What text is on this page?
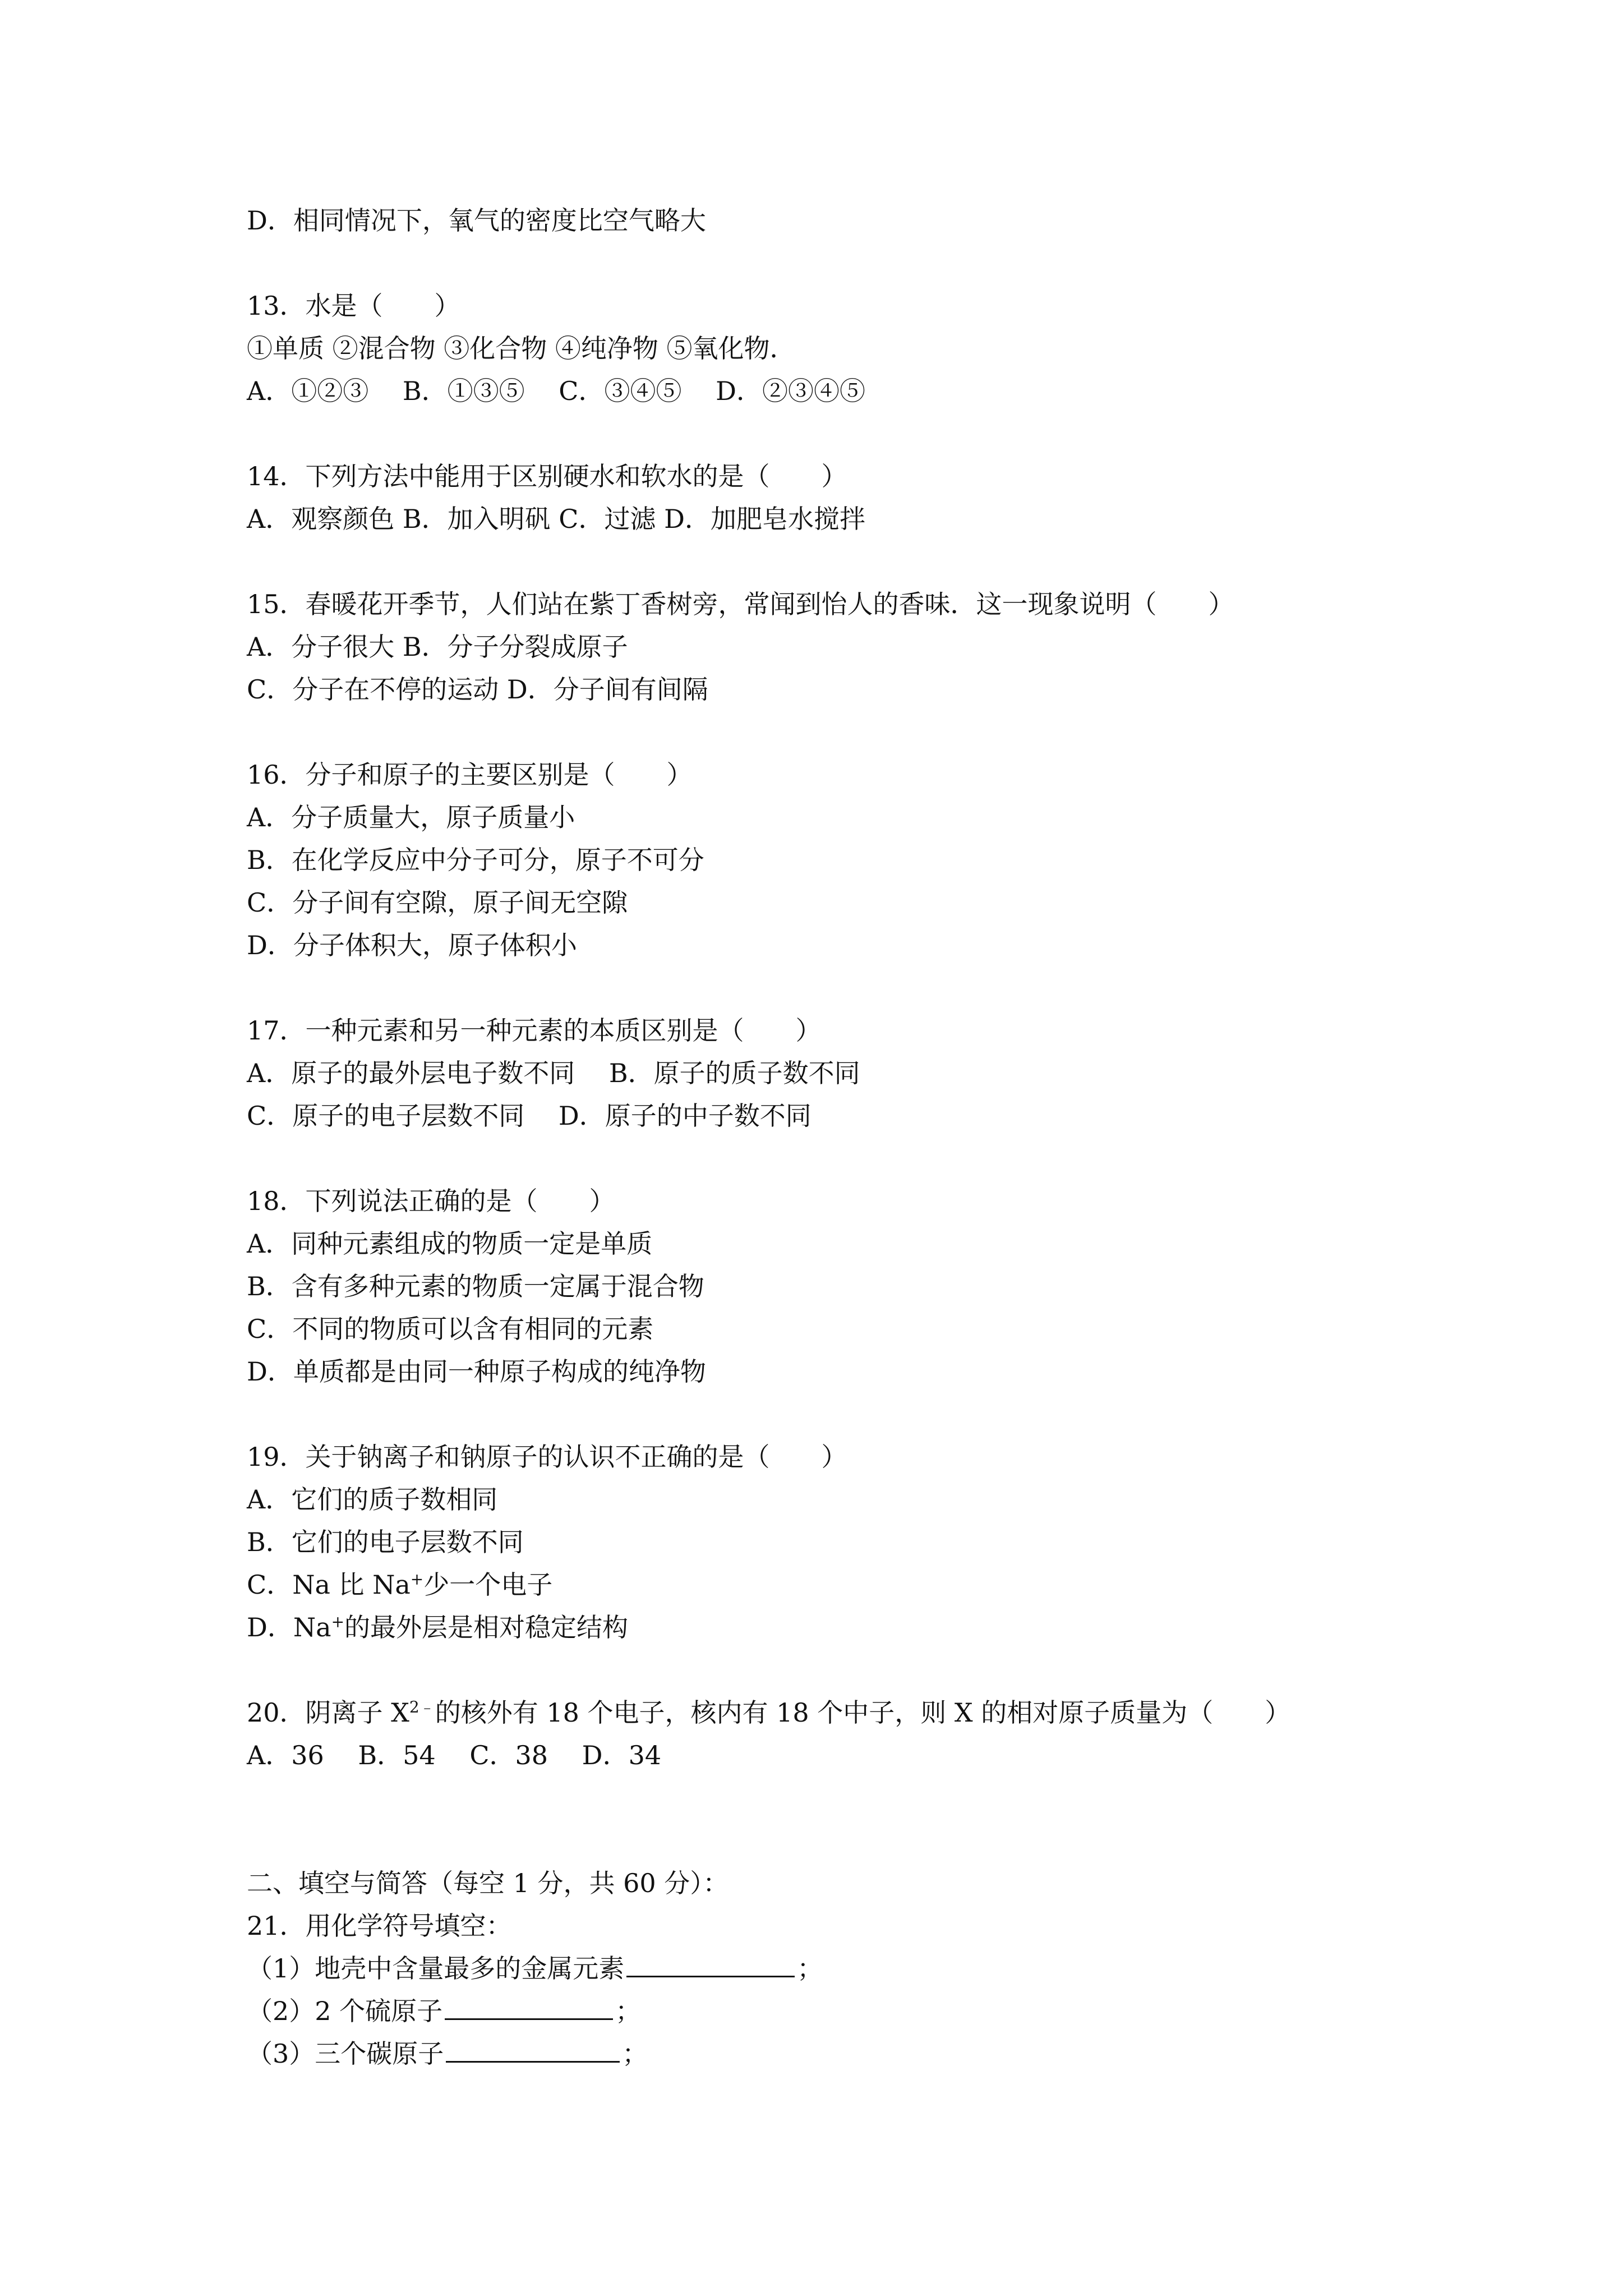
D．相同情况下，氧气的密度比空气略大
13．水是（　　）
①单质 ②混合物 ③化合物 ④纯净物 ⑤氧化物．
A．①②③　 B．①③⑤　 C．③④⑤　 D．②③④⑤
14．下列方法中能用于区别硬水和软水的是（　　）
A．观察颜色 B．加入明矾 C．过滤 D．加肥皂水搅拌
15．春暖花开季节，人们站在紫丁香树旁，常闻到怡人的香味．这一现象说明（　　）
A．分子很大 B．分子分裂成原子
C．分子在不停的运动 D．分子间有间隔
16．分子和原子的主要区别是（　　）
A．分子质量大，原子质量小
B．在化学反应中分子可分，原子不可分
C．分子间有空隙，原子间无空隙
D．分子体积大，原子体积小
17．一种元素和另一种元素的本质区别是（　　）
A．原子的最外层电子数不同　 B．原子的质子数不同
C．原子的电子层数不同　 D．原子的中子数不同
18．下列说法正确的是（　　）
A．同种元素组成的物质一定是单质
B．含有多种元素的物质一定属于混合物
C．不同的物质可以含有相同的元素
D．单质都是由同一种原子构成的纯净物
19．关于钠离子和钠原子的认识不正确的是（　　）
A．它们的质子数相同
B．它们的电子层数不同
C．Na 比 Na+少一个电子
D．Na+的最外层是相对稳定结构
20．阴离子 $X^{2﹣}$的核外有 18 个电子，核内有 18 个中子，则 X 的相对原子质量为（　　）
A．36　 B．54　 C．38　 D．34
二、填空与简答（每空 1 分，共 60 分）：
21．用化学符号填空：
（1）地壳中含量最多的金属元素	；
（2）2 个硫原子	；
（3）三个碳原子	；
